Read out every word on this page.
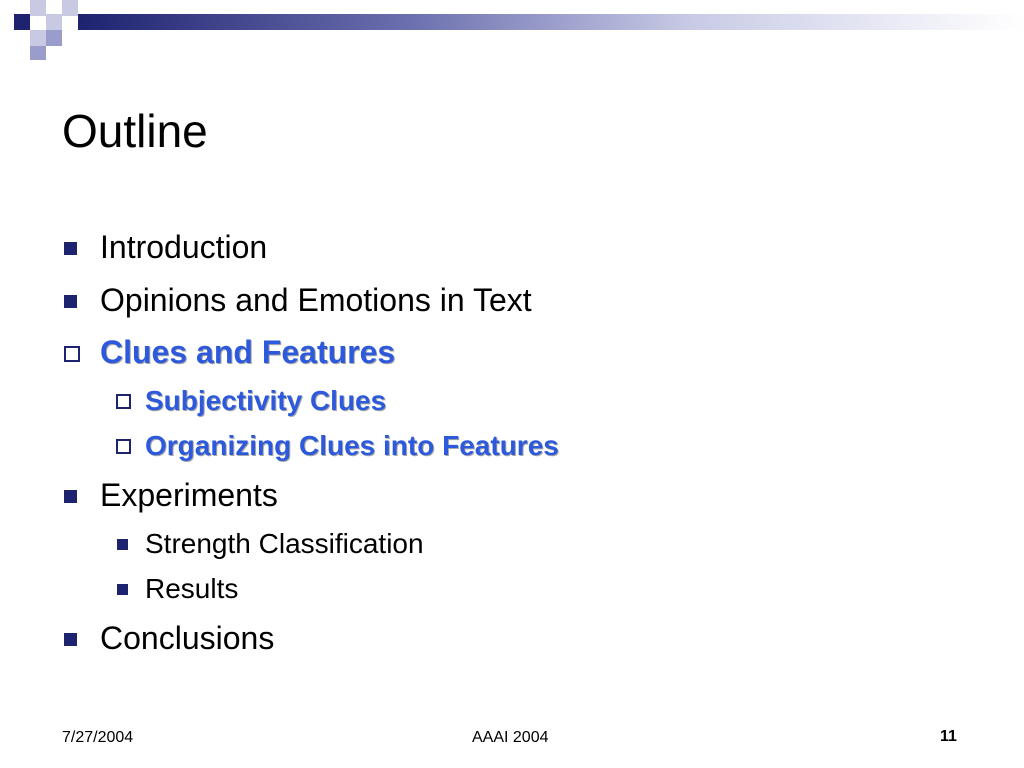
Outline
Introduction
Opinions and Emotions in Text
Clues and Features
Subjectivity Clues
Organizing Clues into Features
Experiments
Strength Classification
Results
Conclusions
7/27/2004	AAAI 2004	11
